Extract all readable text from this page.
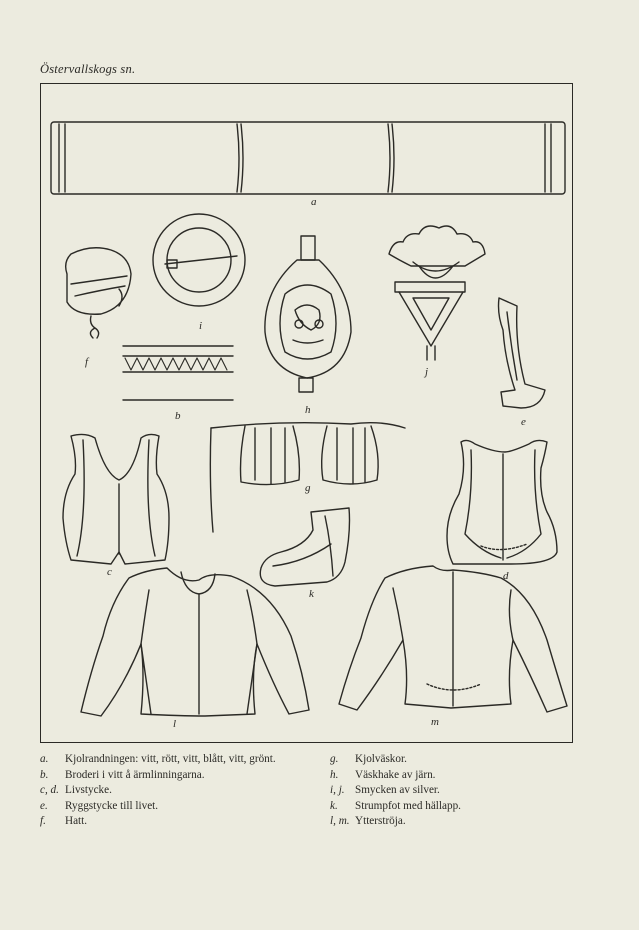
Östervallskogs sn.
a
f
i
h
j
b	e
g
c	d
k
l	m
a.	Kjolrandningen: vitt, rött, vitt, blått, vitt, grönt.
b.	Broderi i vitt å ärmlinningarna.
c, d. Livstycke.
e.	Ryggstycke till livet.
f.	Hatt.
g.	Kjolväskor.
h.	Väskhake av järn.
i, j. Smycken av silver.
k.	Strumpfot med hällapp.
l, m. Ytterströja.
